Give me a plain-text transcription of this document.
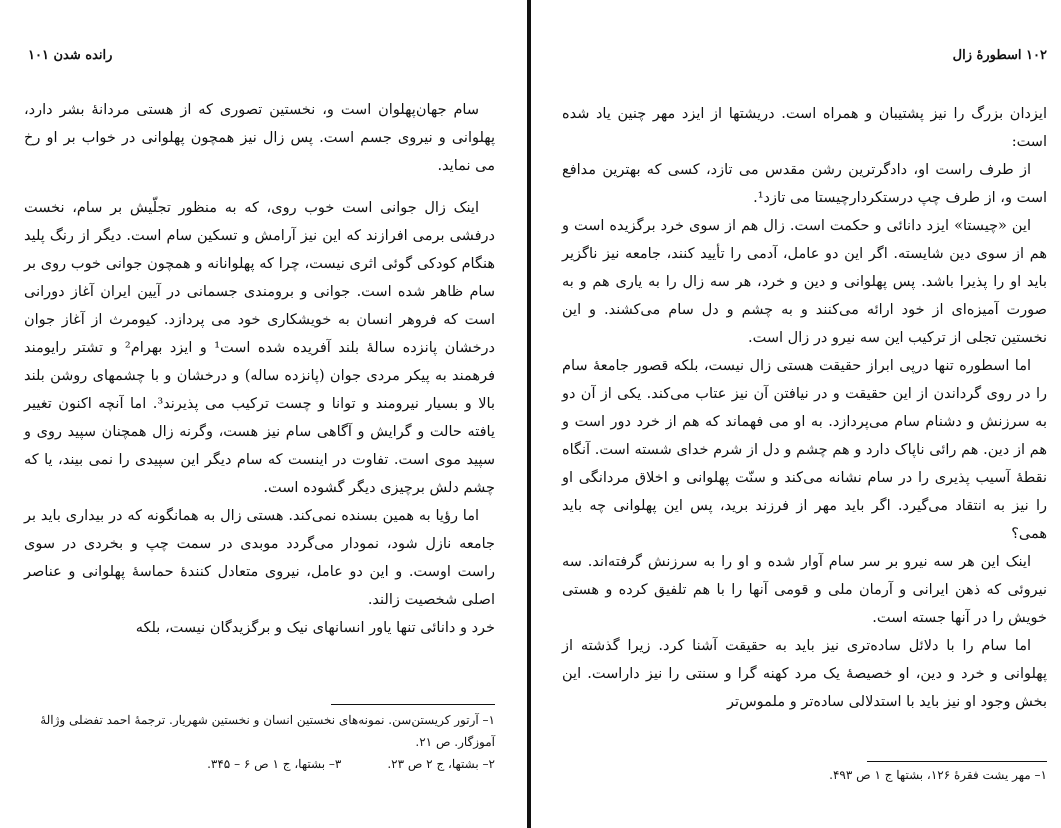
رانده شدن ۱۰۱

سام جهان‌پهلوان است و، نخستین تصوری که از هستی مردانهٔ بشر دارد، پهلوانی و نیروی جسم است. پس زال نیز همچون پهلوانی در خواب بر او رخ می نماید.

اینک زال جوانی است خوب روی، که به منظور تجلّیش بر سام، نخست درفشی برمی افرازند که این نیز آرامش و تسکین سام است. دیگر از رنگ پلید هنگام کودکی گوئی اثری نیست، چرا که پهلوانانه و همچون جوانی خوب روی بر سام ظاهر شده است. جوانی و برومندی جسمانی در آیین ایران آغاز دورانی است که فروهر انسان به خویشکاری خود می پردازد. کیومرث از آغاز جوان درخشان پانزده سالهٔ بلند آفریده شده است¹ و ایزد بهرام² و تشتر رایومند فرهمند به پیکر مردی جوان (پانزده ساله) و درخشان و با چشمهای روشن بلند بالا و بسیار نیرومند و توانا و چست ترکیب می پذیرند³. اما آنچه اکنون تغییر یافته حالت و گرایش و آگاهی سام نیز هست، وگرنه زال همچنان سپید روی و سپید موی است. تفاوت در اینست که سام دیگر این سپیدی را نمی بیند، یا که چشم دلش برچیزی دیگر گشوده است.

اما رؤیا به همین بسنده نمی‌کند. هستی زال به همانگونه که در بیداری باید بر جامعه نازل شود، نمودار می‌گردد موبدی در سمت چپ و بخردی در سوی راست اوست. و این دو عامل، نیروی متعادل کنندهٔ حماسهٔ پهلوانی و عناصر اصلی شخصیت زالند.

خرد و دانائی تنها یاور انسانهای نیک و برگزیدگان نیست، بلکه

۱– آرتور کریستن‌سن. نمونه‌های نخستین انسان و نخستین شهریار. ترجمهٔ احمد تفضلی وژالهٔ آموزگار. ص ۲۱.

۲– بشتها، ج ۲ ص ۲۳.
۳– بشتها، ج ۱ ص ۶ – ۳۴۵.
۱۰۲ اسطورهٔ زال

ایزدان بزرگ را نیز پشتیبان و همراه است. دریشتها از ایزد مهر چنین یاد شده است:

از طرف راست او، دادگرترین رشن مقدس می تازد، کسی که بهترین مدافع است و، از طرف چپ درستکردارچیستا می تازد¹.

این «چیستا» ایزد دانائی و حکمت است. زال هم از سوی خرد برگزیده است و هم از سوی دین شایسته. اگر این دو عامل، آدمی را تأیید کنند، جامعه نیز ناگزیر باید او را پذیرا باشد. پس پهلوانی و دین و خرد، هر سه زال را به یاری هم و به صورت آمیزه‌ای از خود ارائه می‌کنند و به چشم و دل سام می‌کشند. و این نخستین تجلی از ترکیب این سه نیرو در زال است.

اما اسطوره تنها درپی ابراز حقیقت هستی زال نیست، بلکه قصور جامعهٔ سام را در روی گرداندن از این حقیقت و در نیافتن آن نیز عتاب می‌کند. یکی از آن دو به سرزنش و دشنام سام می‌پردازد. به او می فهماند که هم از خرد دور است و هم از دین. هم رائی ناپاک دارد و هم چشم و دل از شرم خدای شسته است. آنگاه نقطهٔ آسیب پذیری را در سام نشانه می‌کند و سنّت پهلوانی و اخلاق مردانگی او را نیز به انتقاد می‌گیرد. اگر باید مهر از فرزند برید، پس این پهلوانی چه باید همی؟

اینک این هر سه نیرو بر سر سام آوار شده و او را به سرزنش گرفته‌اند. سه نیروئی که ذهن ایرانی و آرمان ملی و قومی آنها را با هم تلفیق کرده و هستی خویش را در آنها جسته است.

اما سام را با دلائل ساده‌تری نیز باید به حقیقت آشنا کرد. زیرا گذشته از پهلوانی و خرد و دین، او خصیصهٔ یک مرد کهنه گرا و سنتی را نیز داراست. این بخش وجود او نیز باید با استدلالی ساده‌تر و ملموس‌تر

۱– مهر یشت فقرهٔ ۱۲۶، بشتها ج ۱ ص ۴۹۳.
